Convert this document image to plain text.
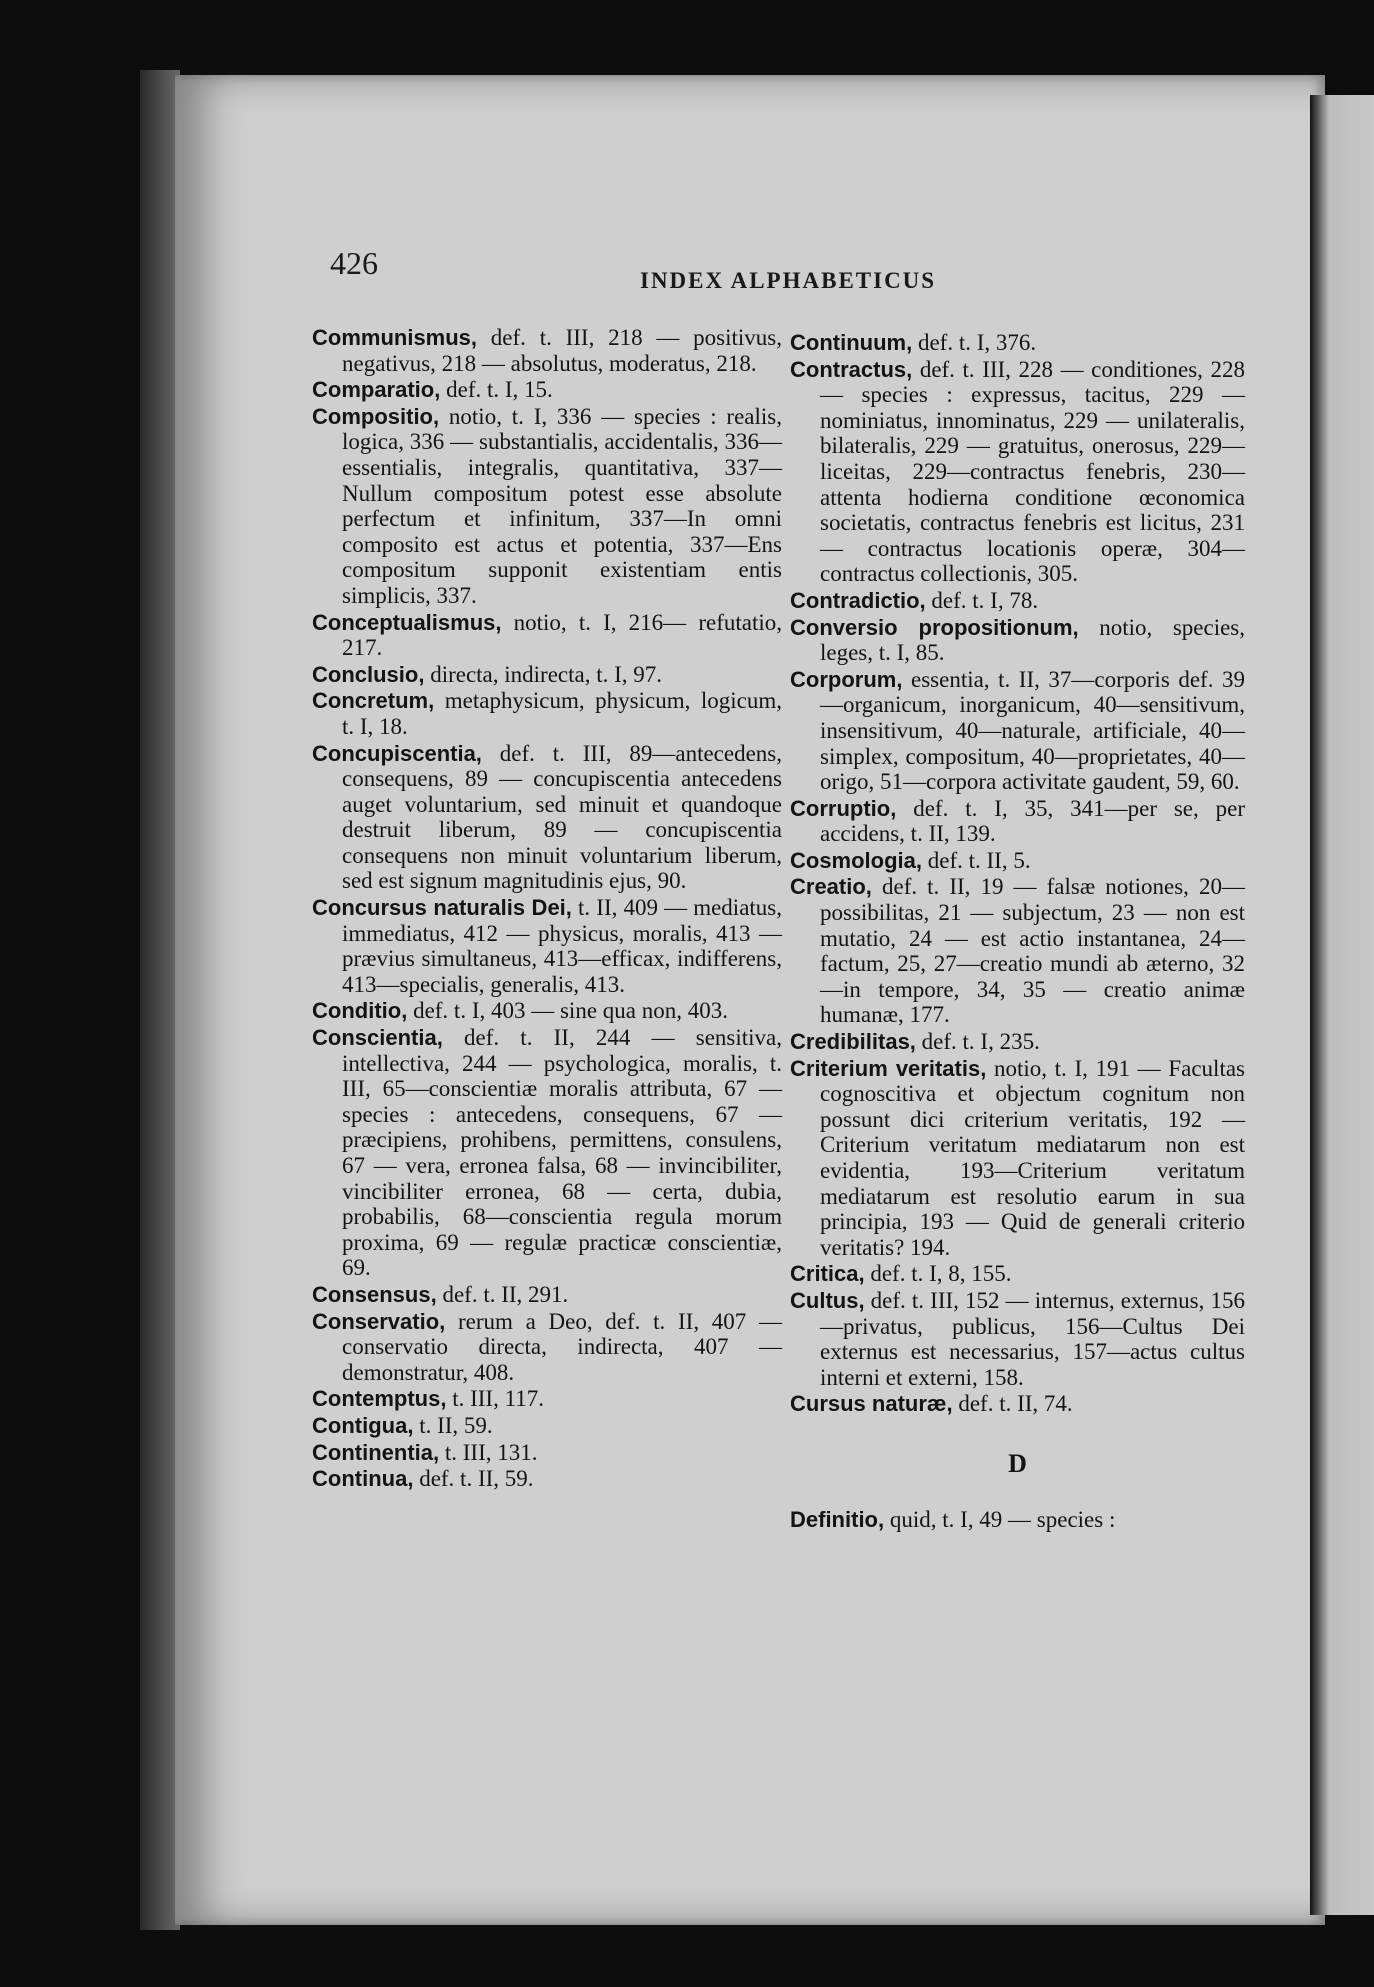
426	INDEX ALPHABETICUS
Communismus, def. t. III, 218 — positivus, negativus, 218 — absolutus, moderatus, 218.
Comparatio, def. t. I, 15.
Compositio, notio, t. I, 336 — species : realis, logica, 336 — substantialis, accidentalis, 336—essentialis, integralis, quantitativa, 337— Nullum compositum potest esse absolute perfectum et infinitum, 337—In omni composito est actus et potentia, 337—Ens compositum supponit existentiam entis simplicis, 337.
Conceptualismus, notio, t. I, 216— refutatio, 217.
Conclusio, directa, indirecta, t. I, 97.
Concretum, metaphysicum, physicum, logicum, t. I, 18.
Concupiscentia, def. t. III, 89—antecedens, consequens, 89 — concupiscentia antecedens auget voluntarium, sed minuit et quandoque destruit liberum, 89 — concupiscentia consequens non minuit voluntarium liberum, sed est signum magnitudinis ejus, 90.
Concursus naturalis Dei, t. II, 409 — mediatus, immediatus, 412 — physicus, moralis, 413 — prævius simultaneus, 413—efficax, indifferens, 413—specialis, generalis, 413.
Conditio, def. t. I, 403 — sine qua non, 403.
Conscientia, def. t. II, 244 — sensitiva, intellectiva, 244 — psychologica, moralis, t. III, 65—conscientiæ moralis attributa, 67 — species : antecedens, consequens, 67 — præcipiens, prohibens, permittens, consulens, 67 — vera, erronea falsa, 68 — invincibiliter, vincibiliter erronea, 68 — certa, dubia, probabilis, 68—conscientia regula morum proxima, 69 — regulæ practicæ conscientiæ, 69.
Consensus, def. t. II, 291.
Conservatio, rerum a Deo, def. t. II, 407 — conservatio directa, indirecta, 407 — demonstratur, 408.
Contemptus, t. III, 117.
Contigua, t. II, 59.
Continentia, t. III, 131.
Continua, def. t. II, 59.
Continuum, def. t. I, 376.
Contractus, def. t. III, 228 — conditiones, 228 — species : expressus, tacitus, 229 — nominiatus, innominatus, 229 — unilateralis, bilateralis, 229 — gratuitus, onerosus, 229—liceitas, 229—contractus fenebris, 230—attenta hodierna conditione œconomica societatis, contractus fenebris est licitus, 231 — contractus locationis operæ, 304— contractus collectionis, 305.
Contradictio, def. t. I, 78.
Conversio propositionum, notio, species, leges, t. I, 85.
Corporum, essentia, t. II, 37—corporis def. 39—organicum, inorganicum, 40—sensitivum, insensitivum, 40—naturale, artificiale, 40—simplex, compositum, 40—proprietates, 40—origo, 51—corpora activitate gaudent, 59, 60.
Corruptio, def. t. I, 35, 341—per se, per accidens, t. II, 139.
Cosmologia, def. t. II, 5.
Creatio, def. t. II, 19 — falsæ notiones, 20—possibilitas, 21 — subjectum, 23 — non est mutatio, 24 — est actio instantanea, 24—factum, 25, 27—creatio mundi ab æterno, 32—in tempore, 34, 35 — creatio animæ humanæ, 177.
Credibilitas, def. t. I, 235.
Criterium veritatis, notio, t. I, 191 — Facultas cognoscitiva et objectum cognitum non possunt dici criterium veritatis, 192 — Criterium veritatum mediatarum non est evidentia, 193—Criterium veritatum mediatarum est resolutio earum in sua principia, 193 — Quid de generali criterio veritatis? 194.
Critica, def. t. I, 8, 155.
Cultus, def. t. III, 152 — internus, externus, 156—privatus, publicus, 156—Cultus Dei externus est necessarius, 157—actus cultus interni et externi, 158.
Cursus naturæ, def. t. II, 74.
D
Definitio, quid, t. I, 49 — species :
